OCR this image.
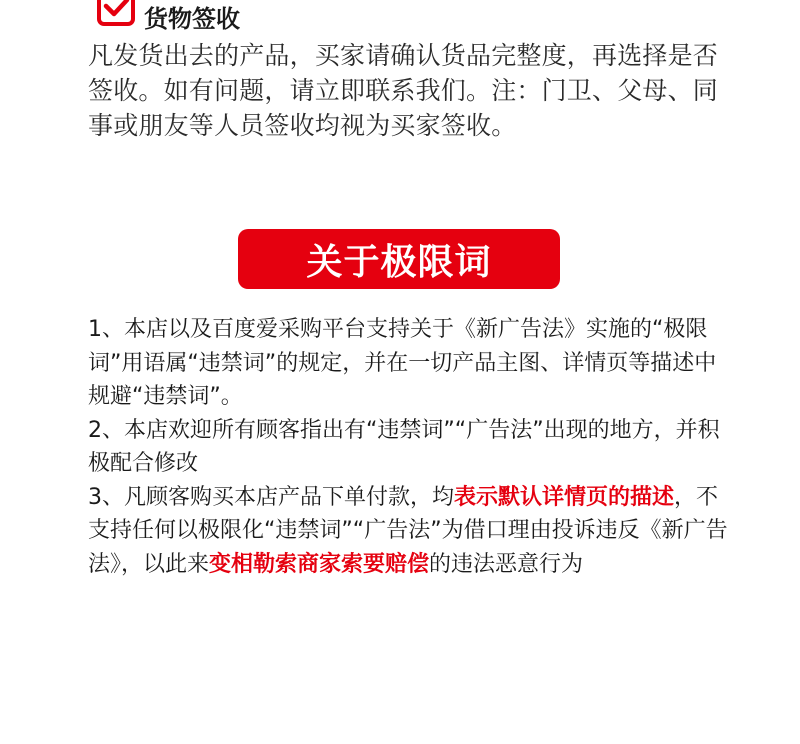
货物签收

凡发货出去的产品，买家请确认货品完整度，再选择是否签收。如有问题，请立即联系我们。注：门卫、父母、同事或朋友等人员签收均视为买家签收。

关于极限词

1、本店以及百度爱采购平台支持关于《新广告法》实施的“极限词”用语属“违禁词”的规定，并在一切产品主图、详情页等描述中规避“违禁词”。

2、本店欢迎所有顾客指出有“违禁词”“广告法”出现的地方，并积极配合修改

3、凡顾客购买本店产品下单付款，均表示默认详情页的描述，不支持任何以极限化“违禁词”“广告法”为借口理由投诉违反《新广告法》，以此来变相勒索商家索要赔偿的违法恶意行为
